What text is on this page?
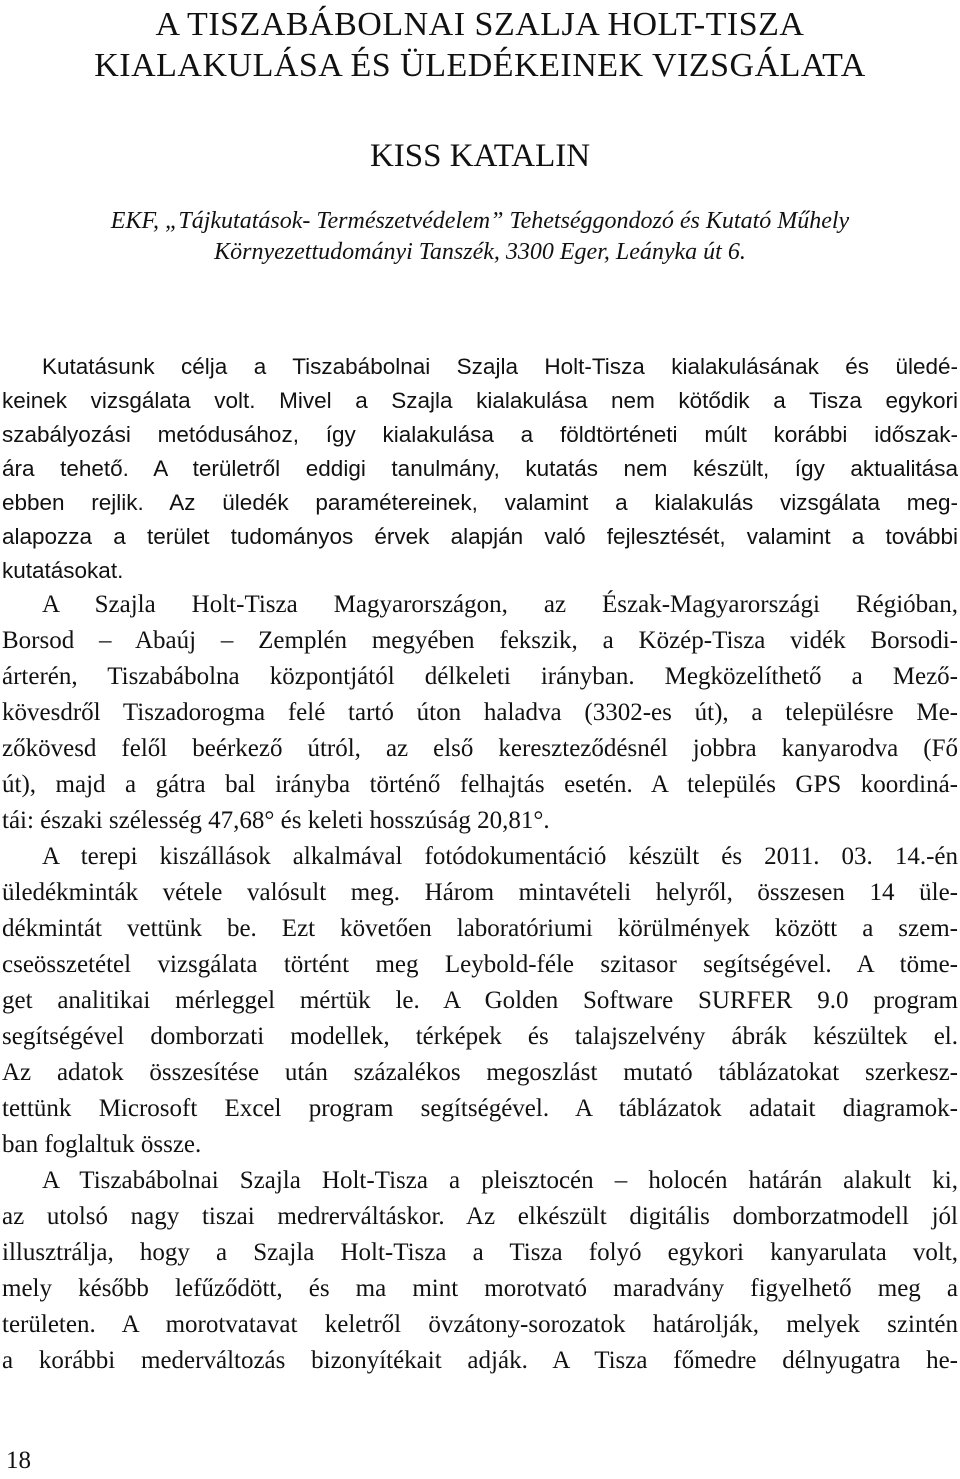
A TISZABÁBOLNAI SZALJA HOLT-TISZA
KIALAKULÁSA ÉS ÜLEDÉKEINEK VIZSGÁLATA
KISS KATALIN
EKF, „Tájkutatások- Természetvédelem” Tehetséggondozó és Kutató Műhely
Környezettudományi Tanszék, 3300 Eger, Leányka út 6.
Kutatásunk célja a Tiszabábolnai Szajla Holt-Tisza kialakulásának és üledé-
keinek vizsgálata volt. Mivel a Szajla kialakulása nem kötődik a Tisza egykori
szabályozási metódusához, így kialakulása a földtörténeti múlt korábbi időszak-
ára tehető. A területről eddigi tanulmány, kutatás nem készült, így aktualitása
ebben rejlik. Az üledék paramétereinek, valamint a kialakulás vizsgálata meg-
alapozza a terület tudományos érvek alapján való fejlesztését, valamint a további
kutatásokat.
A Szajla Holt-Tisza Magyarországon, az Észak-Magyarországi Régióban,
Borsod – Abaúj – Zemplén megyében fekszik, a Közép-Tisza vidék Borsodi-
árterén, Tiszabábolna központjától délkeleti irányban. Megközelíthető a Mező-
kövesdről Tiszadorogma felé tartó úton haladva (3302-es út), a településre Me-
zőkövesd felől beérkező útról, az első kereszteződésnél jobbra kanyarodva (Fő
út), majd a gátra bal irányba történő felhajtás esetén. A település GPS koordiná-
tái: északi szélesség 47,68° és keleti hosszúság 20,81°.
A terepi kiszállások alkalmával fotódokumentáció készült és 2011. 03. 14.-én
üledékminták vétele valósult meg. Három mintavételi helyről, összesen 14 üle-
dékmintát vettünk be. Ezt követően laboratóriumi körülmények között a szem-
cseösszetétel vizsgálata történt meg Leybold-féle szitasor segítségével. A tömе-
get analitikai mérleggel mértük le. A Golden Software SURFER 9.0 program
segítségével domborzati modellek, térképek és talajszelvény ábrák készültek el.
Az adatok összesítése után százalékos megoszlást mutató táblázatokat szerkesz-
tettünk Microsoft Excel program segítségével. A táblázatok adatait diagramok-
ban foglaltuk össze.
A Tiszabábolnai Szajla Holt-Tisza a pleisztocén – holocén határán alakult ki,
az utolsó nagy tiszai medrerváltáskor. Az elkészült digitális domborzatmodell jól
illusztrálja, hogy a Szajla Holt-Tisza a Tisza folyó egykori kanyarulata volt,
mely később lefűződött, és ma mint morotvató maradvány figyelhető meg a
területen. A morotvatavat keletről övzátony-sorozatok határolják, melyek szintén
a korábbi mederváltozás bizonyítékait adják. A Tisza főmedre délnyugatra he-
18
